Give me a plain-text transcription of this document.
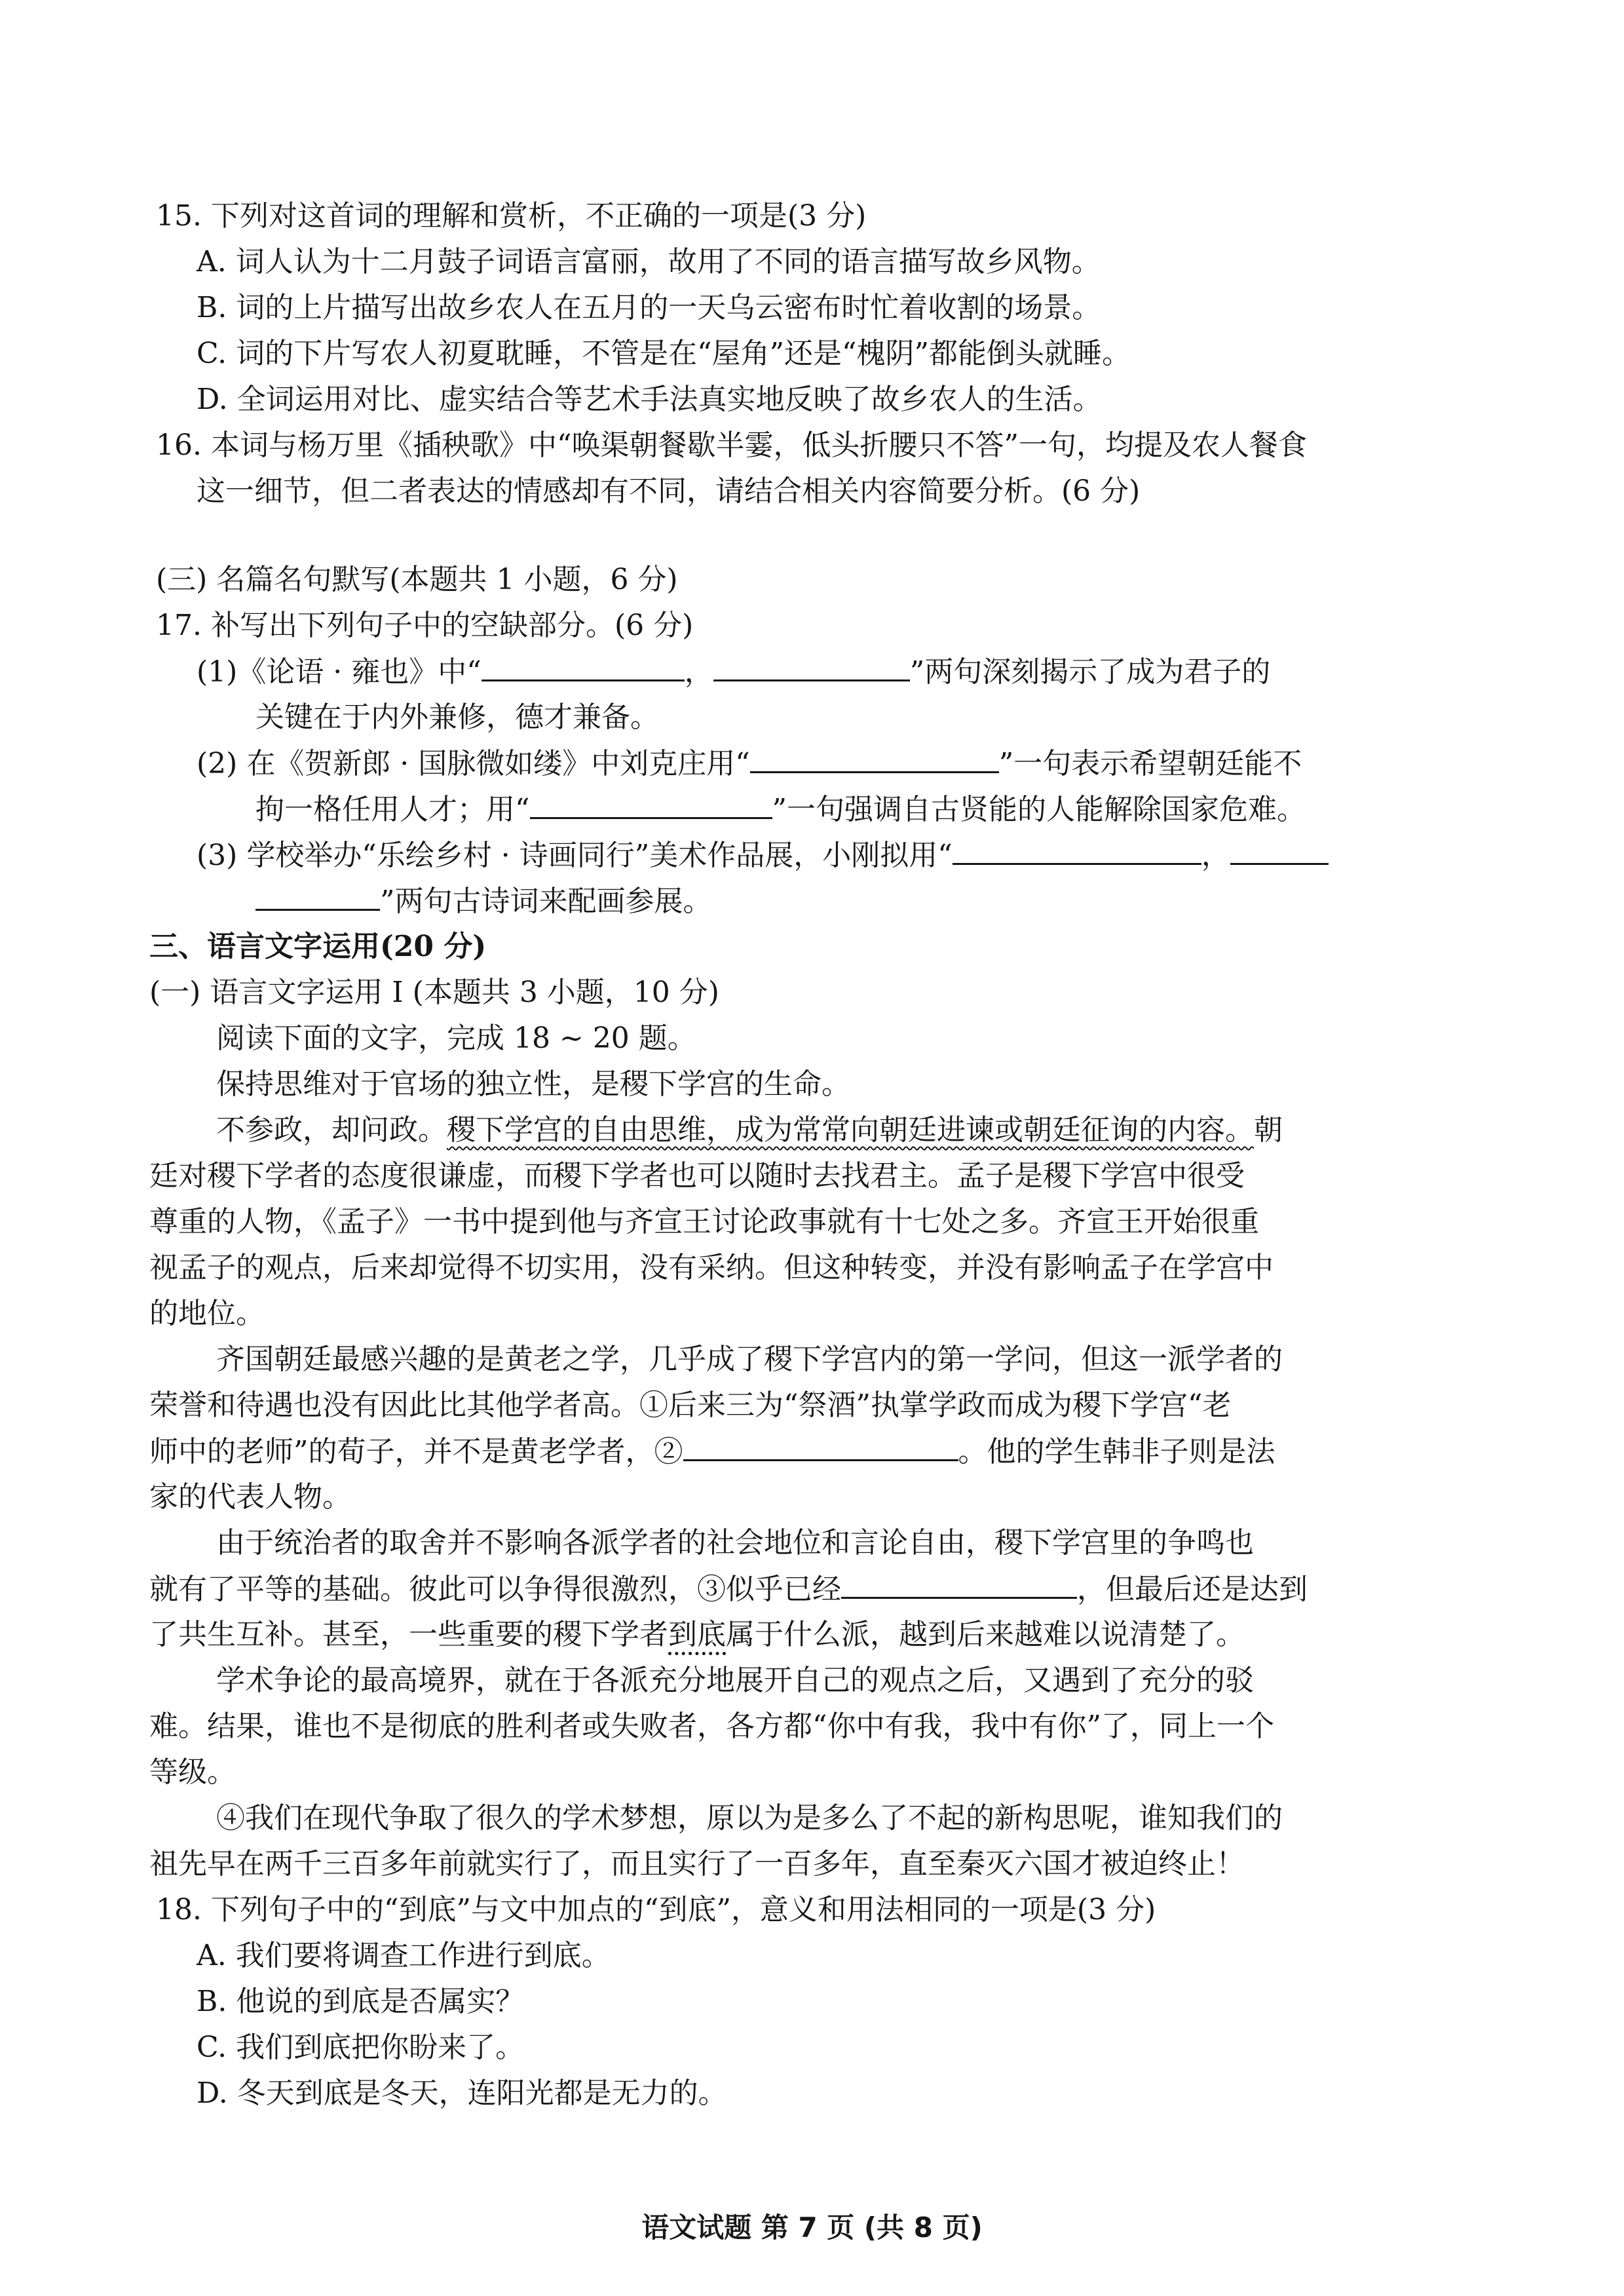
15. 下列对这首词的理解和赏析，不正确的一项是(3 分)
A. 词人认为十二月鼓子词语言富丽，故用了不同的语言描写故乡风物。
B. 词的上片描写出故乡农人在五月的一天乌云密布时忙着收割的场景。
C. 词的下片写农人初夏耽睡，不管是在“屋角”还是“槐阴”都能倒头就睡。
D. 全词运用对比、虚实结合等艺术手法真实地反映了故乡农人的生活。
16. 本词与杨万里《插秧歌》中“唤渠朝餐歇半霎，低头折腰只不答”一句，均提及农人餐食
这一细节，但二者表达的情感却有不同，请结合相关内容简要分析。(6 分)
(三) 名篇名句默写(本题共 1 小题，6 分)
17. 补写出下列句子中的空缺部分。(6 分)
(1)《论语 · 雍也》中“	，	”两句深刻揭示了成为君子的
关键在于内外兼修，德才兼备。
(2) 在《贺新郎 · 国脉微如缕》中刘克庄用“	”一句表示希望朝廷能不
拘一格任用人才；用“	”一句强调自古贤能的人能解除国家危难。
(3) 学校举办“乐绘乡村 · 诗画同行”美术作品展，小刚拟用“	，
”两句古诗词来配画参展。
三、语言文字运用(20 分)
(一) 语言文字运用 Ⅰ (本题共 3 小题，10 分)
阅读下面的文字，完成 18 ~ 20 题。
保持思维对于官场的独立性，是稷下学宫的生命。
不参政，却问政。稷下学宫的自由思维，成为常常向朝廷进谏或朝廷征询的内容。朝
廷对稷下学者的态度很谦虚，而稷下学者也可以随时去找君主。孟子是稷下学宫中很受
尊重的人物，《孟子》一书中提到他与齐宣王讨论政事就有十七处之多。齐宣王开始很重
视孟子的观点，后来却觉得不切实用，没有采纳。但这种转变，并没有影响孟子在学宫中
的地位。
齐国朝廷最感兴趣的是黄老之学，几乎成了稷下学宫内的第一学问，但这一派学者的
荣誉和待遇也没有因此比其他学者高。①后来三为“祭酒”执掌学政而成为稷下学宫“老
师中的老师”的荀子，并不是黄老学者，②	。他的学生韩非子则是法
家的代表人物。
由于统治者的取舍并不影响各派学者的社会地位和言论自由，稷下学宫里的争鸣也
就有了平等的基础。彼此可以争得很激烈，③似乎已经	，但最后还是达到
了共生互补。甚至，一些重要的稷下学者到底属于什么派，越到后来越难以说清楚了。
学术争论的最高境界，就在于各派充分地展开自己的观点之后，又遇到了充分的驳
难。结果，谁也不是彻底的胜利者或失败者，各方都“你中有我，我中有你”了，同上一个
等级。
④我们在现代争取了很久的学术梦想，原以为是多么了不起的新构思呢，谁知我们的
祖先早在两千三百多年前就实行了，而且实行了一百多年，直至秦灭六国才被迫终止！
18. 下列句子中的“到底”与文中加点的“到底”，意义和用法相同的一项是(3 分)
A. 我们要将调查工作进行到底。
B. 他说的到底是否属实？
C. 我们到底把你盼来了。
D. 冬天到底是冬天，连阳光都是无力的。
语文试题 第 7 页 (共 8 页)
